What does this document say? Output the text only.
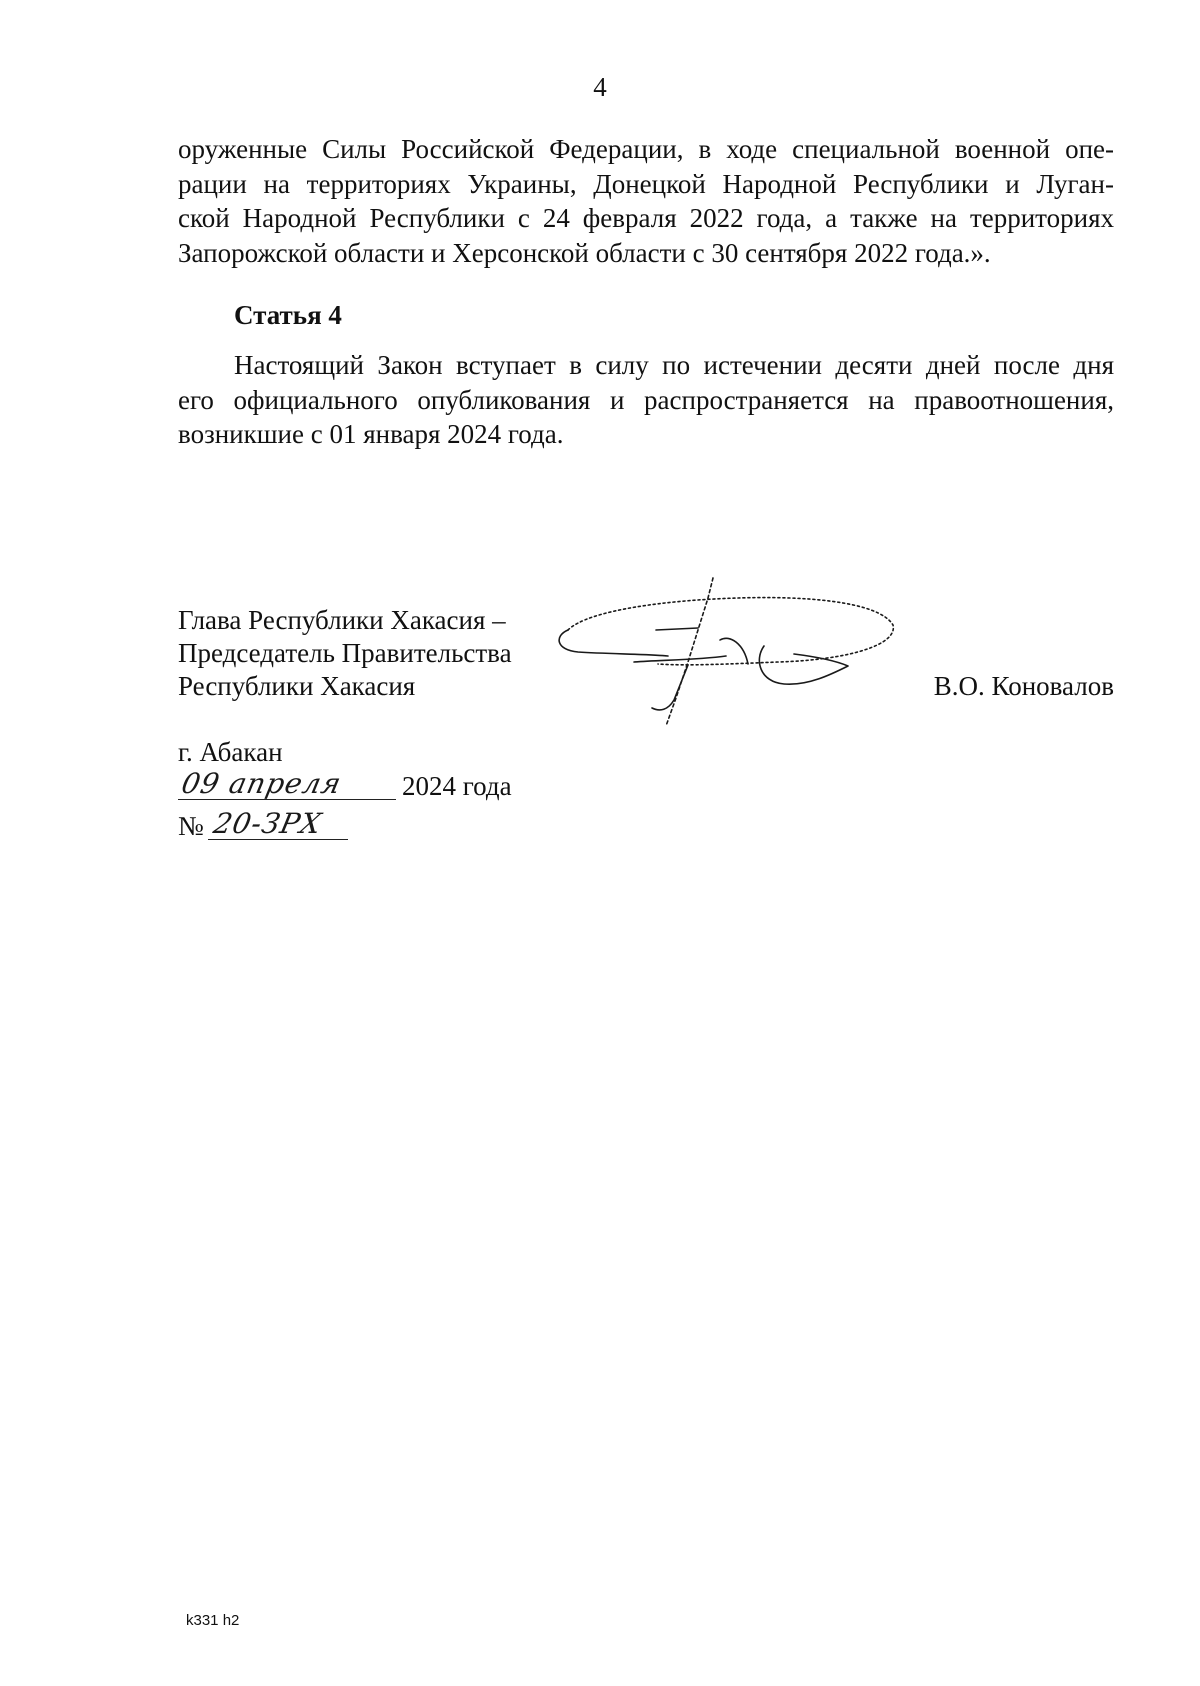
4
оруженные Силы Российской Федерации, в ходе специальной военной опе-
рации на территориях Украины, Донецкой Народной Республики и Луган-
ской Народной Республики с 24 февраля 2022 года, а также на территориях
Запорожской области и Херсонской области с 30 сентября 2022 года.».
Статья 4
Настоящий Закон вступает в силу по истечении десяти дней после дня
его официального опубликования и распространяется на правоотношения,
возникшие с 01 января 2024 года.
Глава Республики Хакасия –
Председатель Правительства
Республики Хакасия	В.О. Коновалов
г. Абакан
09 апреля 2024 года
№ 20-ЗРХ
k331 h2
